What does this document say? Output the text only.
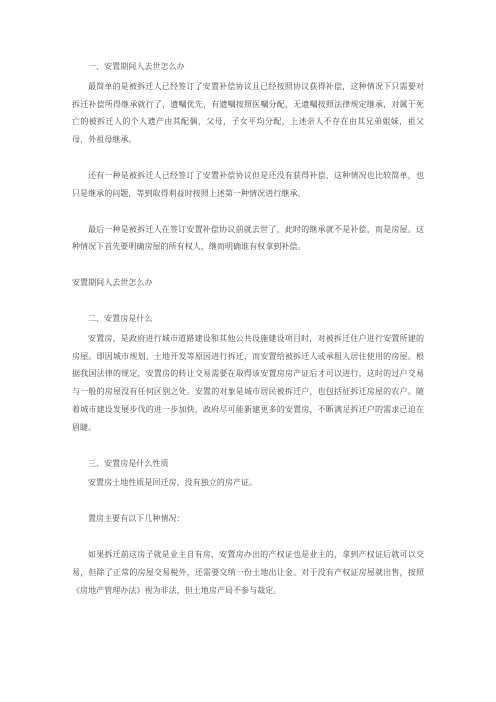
一、安置期间人去世怎么办

最简单的是被拆迁人已经签订了安置补偿协议且已经按照协议获得补偿，这种情况下只需要对拆迁补偿所得继承就行了，遗嘱优先，有遗嘱按照医嘱分配，无遗嘱按照法律规定继承，对属于死亡的被拆迁人的个人遗产由其配偶，父母，子女平均分配，上述亲人不存在由其兄弟姐妹，祖父母，外祖母继承。

还有一种是被拆迁人已经签订了安置补偿协议但是还没有获得补偿，这种情况也比较简单，也只是继承的问题，等到取得利益时按照上述第一种情况进行继承。

最后一种是被拆迁人在签订安置补偿协议前就去世了，此时的继承就不是补偿，而是房屋。这种情况下首先要明确房屋的所有权人，继而明确谁有权拿到补偿。

安置期间人去世怎么办

二、安置房是什么

安置房，是政府进行城市道路建设和其他公共设施建设项目时，对被拆迁住户进行安置所建的房屋。即因城市规划、土地开发等原因进行拆迁，而安置给被拆迁人或承租人居住使用的房屋。根据我国法律的规定，安置房的转让交易需要在取得该安置房房产证后才可以进行，这时的过户交易与一般的房屋没有任何区别之处。安置的对象是城市居民被拆迁户，也包括征拆迁房屋的农户。随着城市建设发展步伐的进一步加快，政府尽可能新建更多的安置房，不断满足拆迁户的需求已迫在眉睫。

三、安置房是什么性质

安置房土地性质是回迁房，没有独立的房产证。

置房主要有以下几种情况：

如果拆迁前这房子就是业主自有房，安置房办出的产权证也是业主的，拿到产权证后就可以交易，但除了正常的房屋交易税外，还需要交纳一份土地出让金。对于没有产权证房屋就出售，按照《房地产管理办法》视为非法，但土地房产局不参与裁定。
